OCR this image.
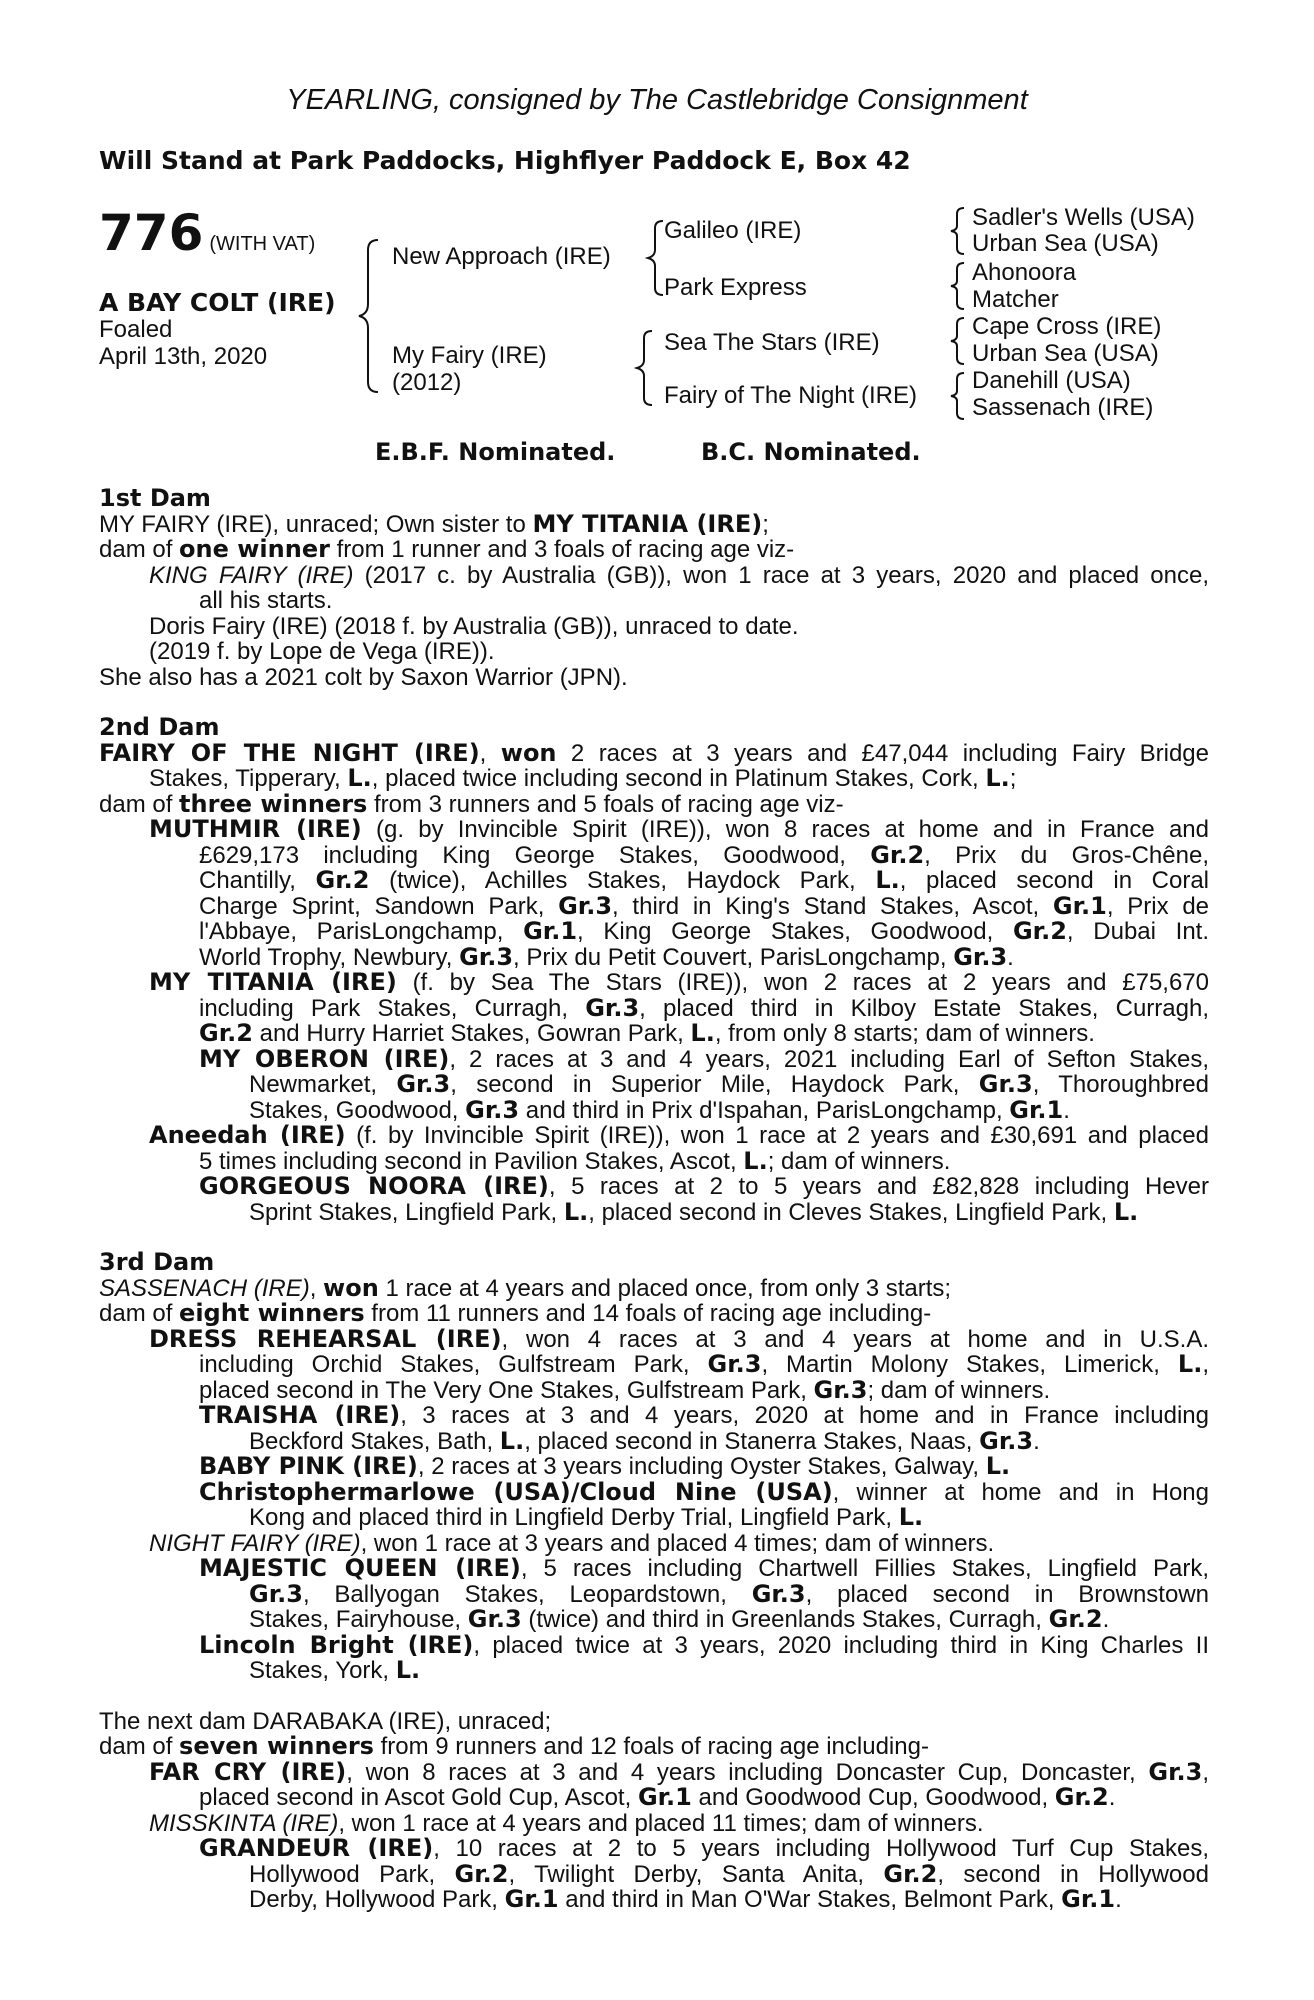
YEARLING, consigned by The Castlebridge Consignment
Will Stand at Park Paddocks, Highflyer Paddock E, Box 42
776 (WITH VAT)
A BAY COLT (IRE)
Foaled
April 13th, 2020
New Approach (IRE)
My Fairy (IRE)
(2012)
Galileo (IRE)
Park Express
Sea The Stars (IRE)
Fairy of The Night (IRE)
Sadler's Wells (USA)
Urban Sea (USA)
Ahonoora
Matcher
Cape Cross (IRE)
Urban Sea (USA)
Danehill (USA)
Sassenach (IRE)
E.B.F. Nominated.	B.C. Nominated.
1st Dam
MY FAIRY (IRE), unraced; Own sister to MY TITANIA (IRE);
dam of one winner from 1 runner and 3 foals of racing age viz-
KING FAIRY (IRE) (2017 c. by Australia (GB)), won 1 race at 3 years, 2020 and placed once,
all his starts.
Doris Fairy (IRE) (2018 f. by Australia (GB)), unraced to date.
(2019 f. by Lope de Vega (IRE)).
She also has a 2021 colt by Saxon Warrior (JPN).
2nd Dam
FAIRY OF THE NIGHT (IRE), won 2 races at 3 years and £47,044 including Fairy Bridge
Stakes, Tipperary, L., placed twice including second in Platinum Stakes, Cork, L.;
dam of three winners from 3 runners and 5 foals of racing age viz-
MUTHMIR (IRE) (g. by Invincible Spirit (IRE)), won 8 races at home and in France and
£629,173 including King George Stakes, Goodwood, Gr.2, Prix du Gros-Chêne,
Chantilly, Gr.2 (twice), Achilles Stakes, Haydock Park, L., placed second in Coral
Charge Sprint, Sandown Park, Gr.3, third in King's Stand Stakes, Ascot, Gr.1, Prix de
l'Abbaye, ParisLongchamp, Gr.1, King George Stakes, Goodwood, Gr.2, Dubai Int.
World Trophy, Newbury, Gr.3, Prix du Petit Couvert, ParisLongchamp, Gr.3.
MY TITANIA (IRE) (f. by Sea The Stars (IRE)), won 2 races at 2 years and £75,670
including Park Stakes, Curragh, Gr.3, placed third in Kilboy Estate Stakes, Curragh,
Gr.2 and Hurry Harriet Stakes, Gowran Park, L., from only 8 starts; dam of winners.
MY OBERON (IRE), 2 races at 3 and 4 years, 2021 including Earl of Sefton Stakes,
Newmarket, Gr.3, second in Superior Mile, Haydock Park, Gr.3, Thoroughbred
Stakes, Goodwood, Gr.3 and third in Prix d'Ispahan, ParisLongchamp, Gr.1.
Aneedah (IRE) (f. by Invincible Spirit (IRE)), won 1 race at 2 years and £30,691 and placed
5 times including second in Pavilion Stakes, Ascot, L.; dam of winners.
GORGEOUS NOORA (IRE), 5 races at 2 to 5 years and £82,828 including Hever
Sprint Stakes, Lingfield Park, L., placed second in Cleves Stakes, Lingfield Park, L.
3rd Dam
SASSENACH (IRE), won 1 race at 4 years and placed once, from only 3 starts;
dam of eight winners from 11 runners and 14 foals of racing age including-
DRESS REHEARSAL (IRE), won 4 races at 3 and 4 years at home and in U.S.A.
including Orchid Stakes, Gulfstream Park, Gr.3, Martin Molony Stakes, Limerick, L.,
placed second in The Very One Stakes, Gulfstream Park, Gr.3; dam of winners.
TRAISHA (IRE), 3 races at 3 and 4 years, 2020 at home and in France including
Beckford Stakes, Bath, L., placed second in Stanerra Stakes, Naas, Gr.3.
BABY PINK (IRE), 2 races at 3 years including Oyster Stakes, Galway, L.
Christophermarlowe (USA)/Cloud Nine (USA), winner at home and in Hong
Kong and placed third in Lingfield Derby Trial, Lingfield Park, L.
NIGHT FAIRY (IRE), won 1 race at 3 years and placed 4 times; dam of winners.
MAJESTIC QUEEN (IRE), 5 races including Chartwell Fillies Stakes, Lingfield Park,
Gr.3, Ballyogan Stakes, Leopardstown, Gr.3, placed second in Brownstown
Stakes, Fairyhouse, Gr.3 (twice) and third in Greenlands Stakes, Curragh, Gr.2.
Lincoln Bright (IRE), placed twice at 3 years, 2020 including third in King Charles II
Stakes, York, L.
The next dam DARABAKA (IRE), unraced;
dam of seven winners from 9 runners and 12 foals of racing age including-
FAR CRY (IRE), won 8 races at 3 and 4 years including Doncaster Cup, Doncaster, Gr.3,
placed second in Ascot Gold Cup, Ascot, Gr.1 and Goodwood Cup, Goodwood, Gr.2.
MISSKINTA (IRE), won 1 race at 4 years and placed 11 times; dam of winners.
GRANDEUR (IRE), 10 races at 2 to 5 years including Hollywood Turf Cup Stakes,
Hollywood Park, Gr.2, Twilight Derby, Santa Anita, Gr.2, second in Hollywood
Derby, Hollywood Park, Gr.1 and third in Man O'War Stakes, Belmont Park, Gr.1.
